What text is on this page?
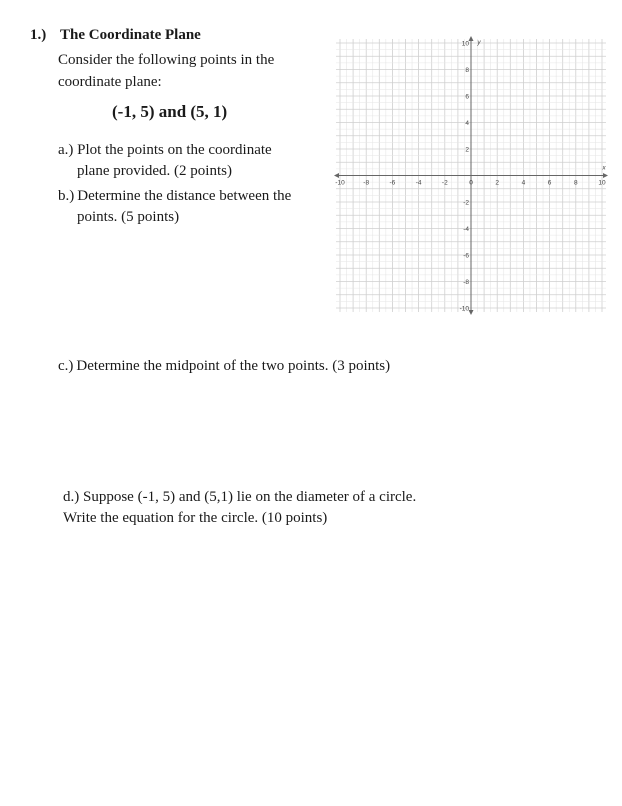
1.) The Coordinate Plane
Consider the following points in the coordinate plane:
(-1, 5) and (5, 1)
a.) Plot the points on the coordinate
plane provided. (2 points)
b.) Determine the distance between the
points. (5 points)
c.) Determine the midpoint of the two points. (3 points)
d.) Suppose (-1, 5) and (5,1) lie on the diameter of a circle.
Write the equation for the circle. (10 points)
x
y
-10	-8	-6	-4	-2	0	2	4	6	8	10
10
8
6
4
2
-2
-4
-6
-8
-10
